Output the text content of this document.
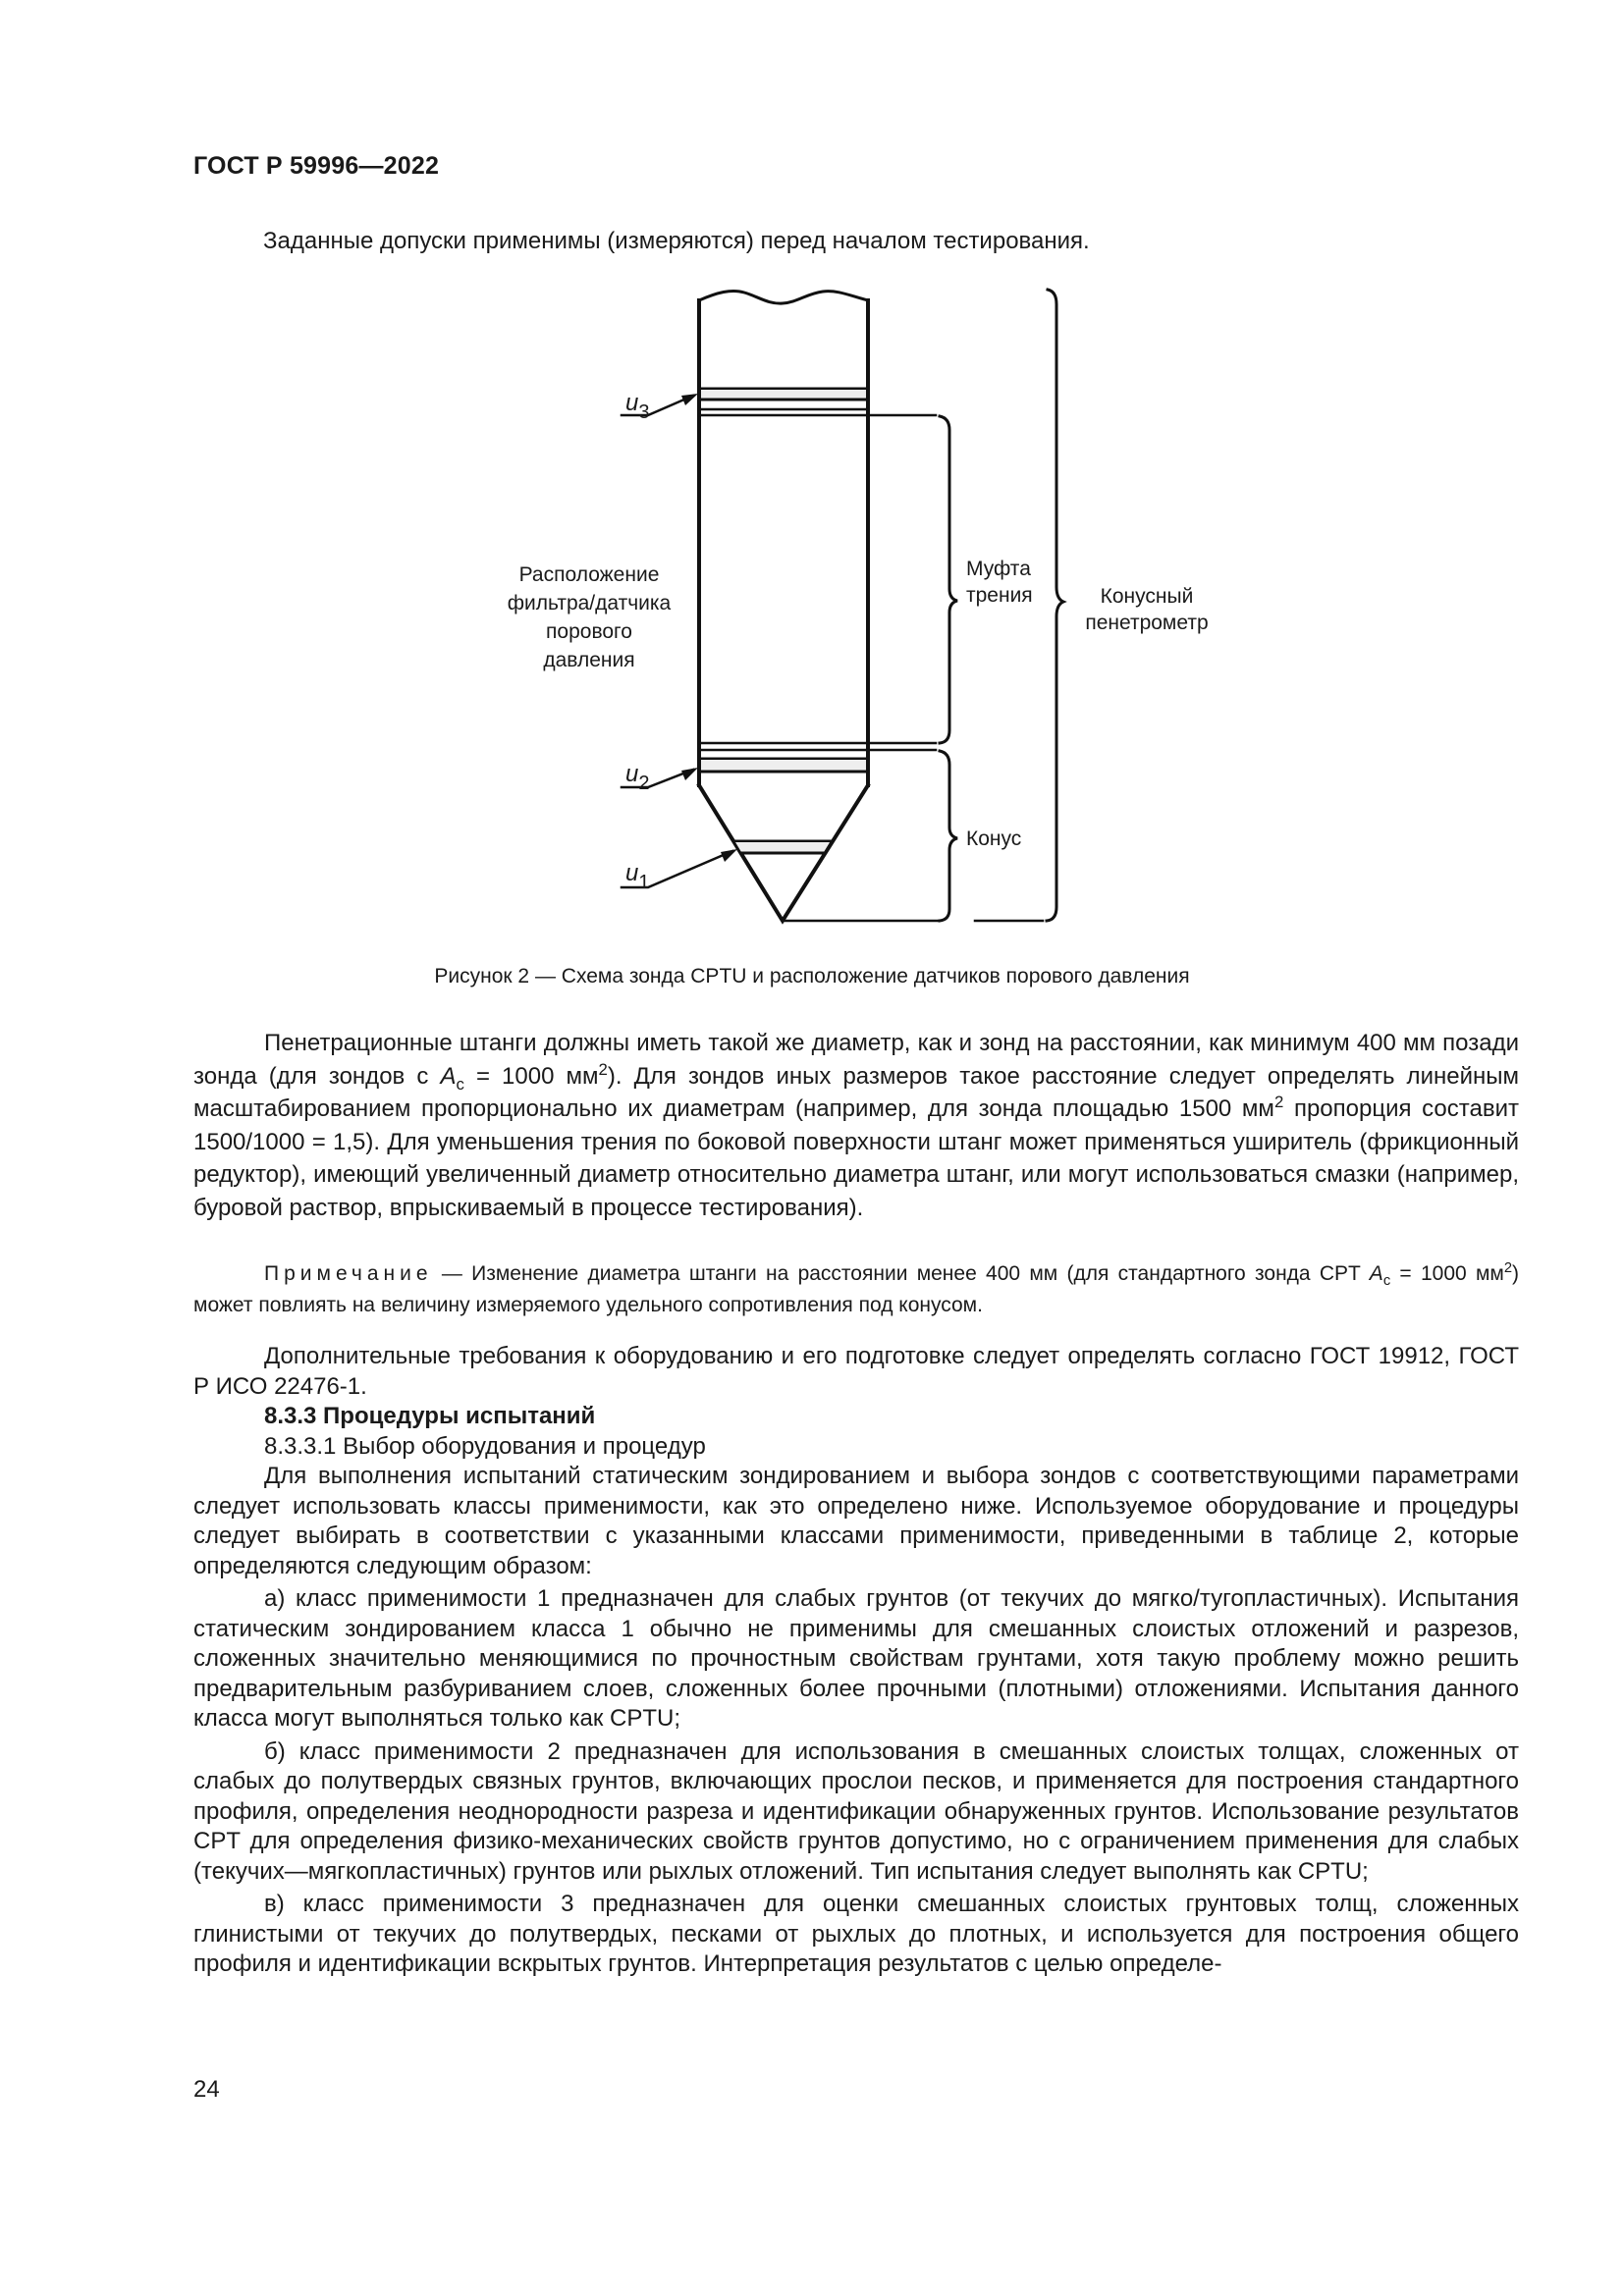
ГОСТ Р 59996—2022
Заданные допуски применимы (измеряются) перед началом тестирования.
$u_3$
$u_2$
$u_1$
Расположение
фильтра/датчика
порового
давления
Муфта
трения
Конус
Конусный
пенетрометр
Рисунок 2 — Схема зонда CPTU и расположение датчиков порового давления
Пенетрационные штанги должны иметь такой же диаметр, как и зонд на расстоянии, как минимум 400 мм позади зонда (для зондов с $A_c = 1000$ $мм^2$). Для зондов иных размеров такое расстояние следует определять линейным масштабированием пропорционально их диаметрам (например, для зонда площадью 1500 $мм^2$ пропорция составит 1500/1000 = 1,5). Для уменьшения трения по боковой поверхности штанг может применяться уширитель (фрикционный редуктор), имеющий увеличенный диаметр относительно диаметра штанг, или могут использоваться смазки (например, буровой раствор, впрыскиваемый в процессе тестирования).
Примечание — Изменение диаметра штанги на расстоянии менее 400 мм (для стандартного зонда CPT $A_c = 1000$ $мм^2$) может повлиять на величину измеряемого удельного сопротивления под конусом.
Дополнительные требования к оборудованию и его подготовке следует определять согласно ГОСТ 19912, ГОСТ Р ИСО 22476-1.

8.3.3 Процедуры испытаний

8.3.3.1 Выбор оборудования и процедур

Для выполнения испытаний статическим зондированием и выбора зондов с соответствующими параметрами следует использовать классы применимости, как это определено ниже. Используемое оборудование и процедуры следует выбирать в соответствии с указанными классами применимости, приведенными в таблице 2, которые определяются следующим образом:

а) класс применимости 1 предназначен для слабых грунтов (от текучих до мягко/тугопластичных). Испытания статическим зондированием класса 1 обычно не применимы для смешанных слоистых отложений и разрезов, сложенных значительно меняющимися по прочностным свойствам грунтами, хотя такую проблему можно решить предварительным разбуриванием слоев, сложенных более прочными (плотными) отложениями. Испытания данного класса могут выполняться только как CPTU;

б) класс применимости 2 предназначен для использования в смешанных слоистых толщах, сложенных от слабых до полутвердых связных грунтов, включающих прослои песков, и применяется для построения стандартного профиля, определения неоднородности разреза и идентификации обнаруженных грунтов. Использование результатов CPT для определения физико-механических свойств грунтов допустимо, но с ограничением применения для слабых (текучих—мягкопластичных) грунтов или рыхлых отложений. Тип испытания следует выполнять как CPTU;

в) класс применимости 3 предназначен для оценки смешанных слоистых грунтовых толщ, сложенных глинистыми от текучих до полутвердых, песками от рыхлых до плотных, и используется для построения общего профиля и идентификации вскрытых грунтов. Интерпретация результатов с целью определе-

24
